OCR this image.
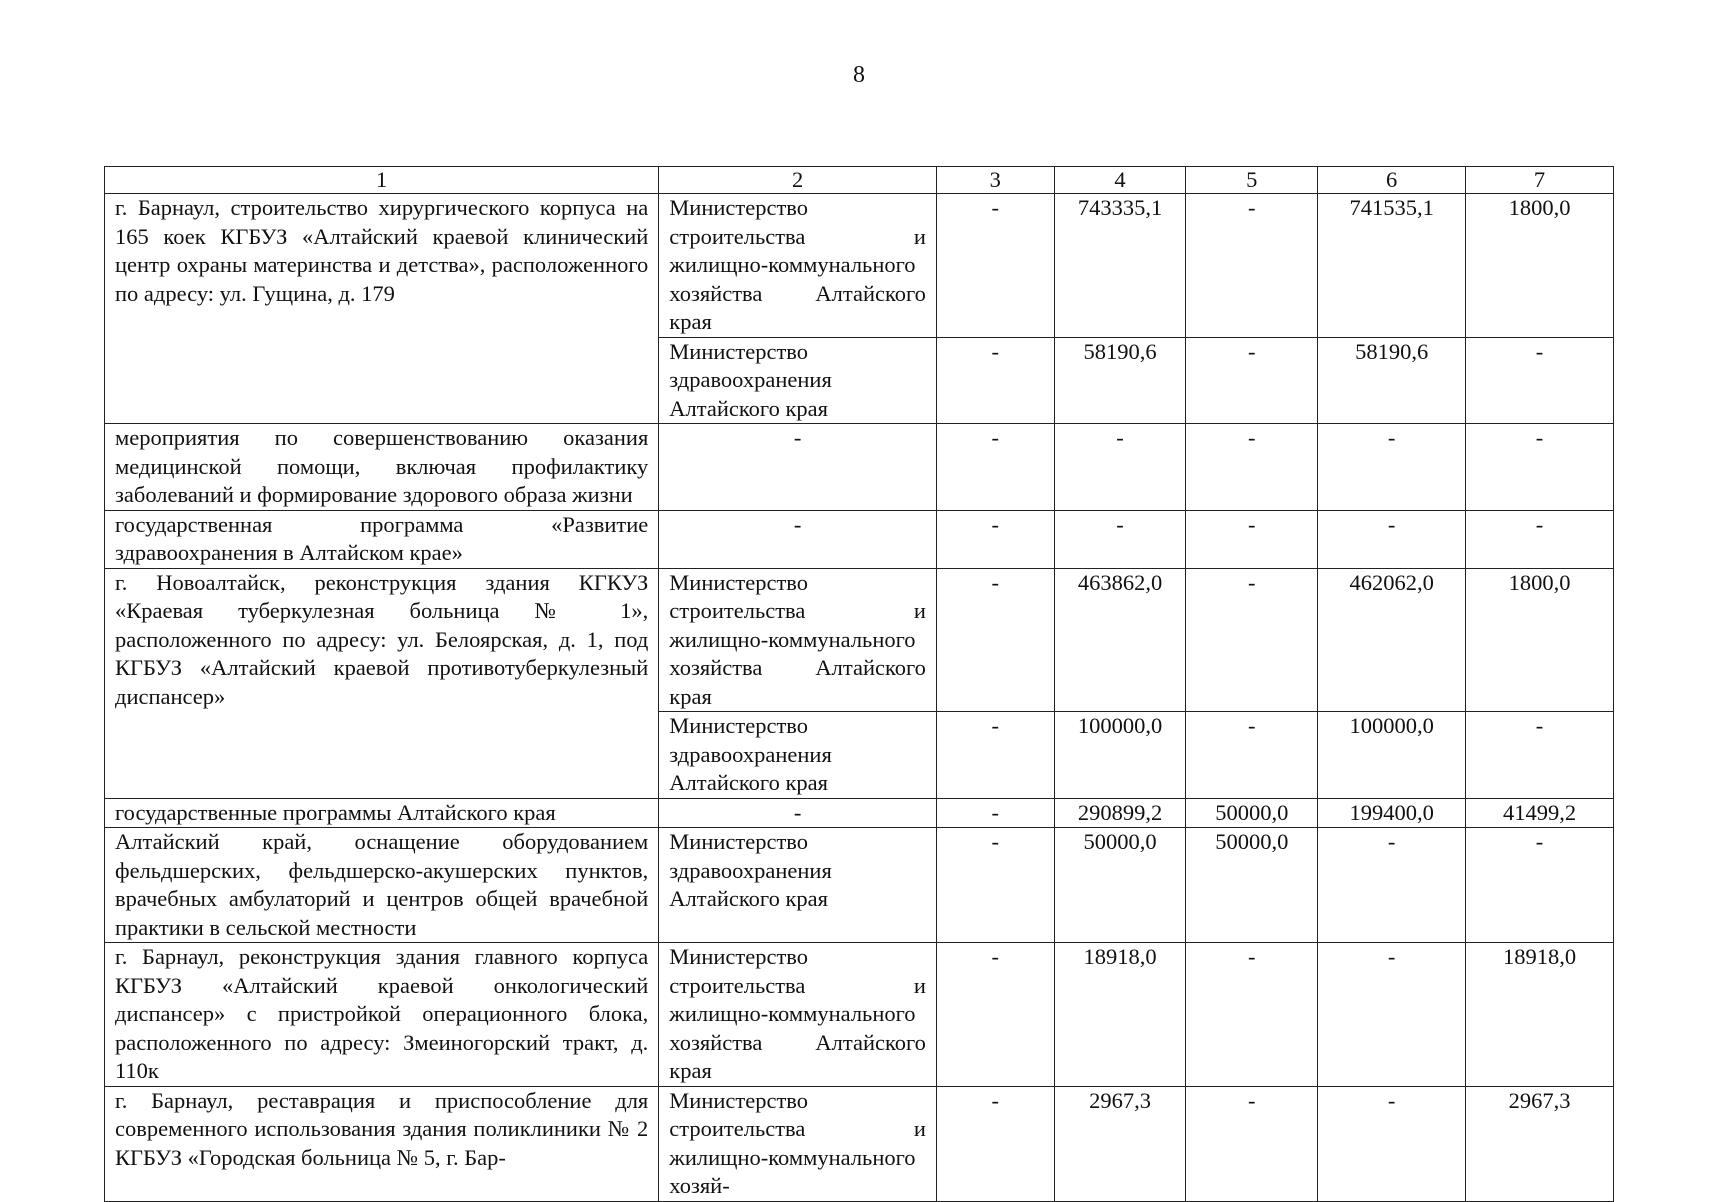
8
1	2	3	4	5	6	7
г. Барнаул, строительство хирургического корпуса на 165 коек КГБУЗ «Алтайский краевой клинический центр охраны материнства и детства», расположенного по адресу: ул. Гущина, д. 179	Министерство строительства и жилищно-коммунального хозяйства Алтайского края	-	743335,1	-	741535,1	1800,0
	Министерство здравоохранения Алтайского края	-	58190,6	-	58190,6	-
мероприятия по совершенствованию оказания медицинской помощи, включая профилактику заболеваний и формирование здорового образа жизни	-	-	-	-	-	-
государственная программа «Развитие здравоохранения в Алтайском крае»	-	-	-	-	-	-
г. Новоалтайск, реконструкция здания КГКУЗ «Краевая туберкулезная больница № 1», расположенного по адресу: ул. Белоярская, д. 1, под КГБУЗ «Алтайский краевой противотуберкулезный диспансер»	Министерство строительства и жилищно-коммунального хозяйства Алтайского края	-	463862,0	-	462062,0	1800,0
	Министерство здравоохранения Алтайского края	-	100000,0	-	100000,0	-
государственные программы Алтайского края	-	-	290899,2	50000,0	199400,0	41499,2
Алтайский край, оснащение оборудованием фельдшерских, фельдшерско-акушерских пунктов, врачебных амбулаторий и центров общей врачебной практики в сельской местности	Министерство здравоохранения Алтайского края	-	50000,0	50000,0	-	-
г. Барнаул, реконструкция здания главного корпуса КГБУЗ «Алтайский краевой онкологический диспансер» с пристройкой операционного блока, расположенного по адресу: Змеиногорский тракт, д. 110к	Министерство строительства и жилищно-коммунального хозяйства Алтайского края	-	18918,0	-	-	18918,0
г. Барнаул, реставрация и приспособление для современного использования здания поликлиники № 2 КГБУЗ «Городская больница № 5, г. Бар-	Министерство строительства и жилищно-коммунального хозяй-	-	2967,3	-	-	2967,3
